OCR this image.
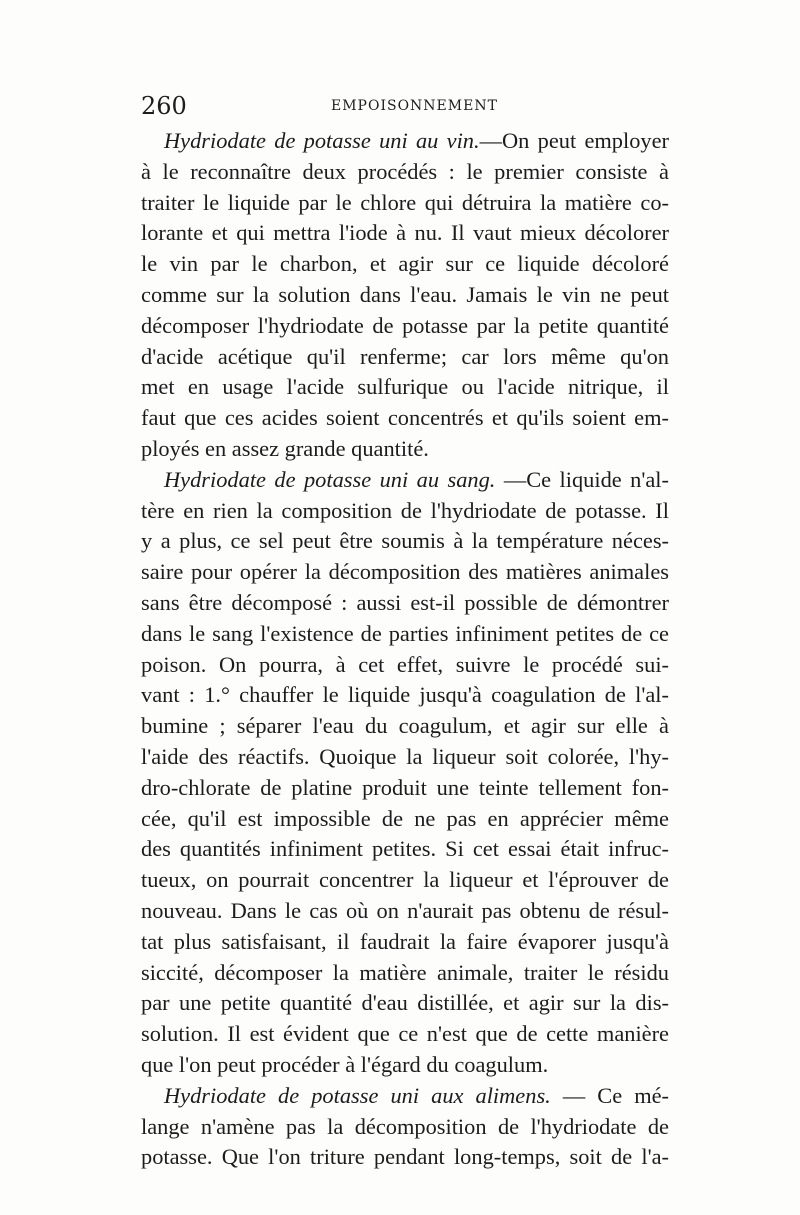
260	EMPOISONNEMENT
Hydriodate de potasse uni au vin.—On peut employer
à le reconnaître deux procédés : le premier consiste à
traiter le liquide par le chlore qui détruira la matière co-
lorante et qui mettra l'iode à nu. Il vaut mieux décolorer
le vin par le charbon, et agir sur ce liquide décoloré
comme sur la solution dans l'eau. Jamais le vin ne peut
décomposer l'hydriodate de potasse par la petite quantité
d'acide acétique qu'il renferme; car lors même qu'on
met en usage l'acide sulfurique ou l'acide nitrique, il
faut que ces acides soient concentrés et qu'ils soient em-
ployés en assez grande quantité.
Hydriodate de potasse uni au sang. —Ce liquide n'al-
tère en rien la composition de l'hydriodate de potasse. Il
y a plus, ce sel peut être soumis à la température néces-
saire pour opérer la décomposition des matières animales
sans être décomposé : aussi est-il possible de démontrer
dans le sang l'existence de parties infiniment petites de ce
poison. On pourra, à cet effet, suivre le procédé sui-
vant : 1.° chauffer le liquide jusqu'à coagulation de l'al-
bumine ; séparer l'eau du coagulum, et agir sur elle à
l'aide des réactifs. Quoique la liqueur soit colorée, l'hy-
dro-chlorate de platine produit une teinte tellement fon-
cée, qu'il est impossible de ne pas en apprécier même
des quantités infiniment petites. Si cet essai était infruc-
tueux, on pourrait concentrer la liqueur et l'éprouver de
nouveau. Dans le cas où on n'aurait pas obtenu de résul-
tat plus satisfaisant, il faudrait la faire évaporer jusqu'à
siccité, décomposer la matière animale, traiter le résidu
par une petite quantité d'eau distillée, et agir sur la dis-
solution. Il est évident que ce n'est que de cette manière
que l'on peut procéder à l'égard du coagulum.
Hydriodate de potasse uni aux alimens. — Ce mé-
lange n'amène pas la décomposition de l'hydriodate de
potasse. Que l'on triture pendant long-temps, soit de l'a-
